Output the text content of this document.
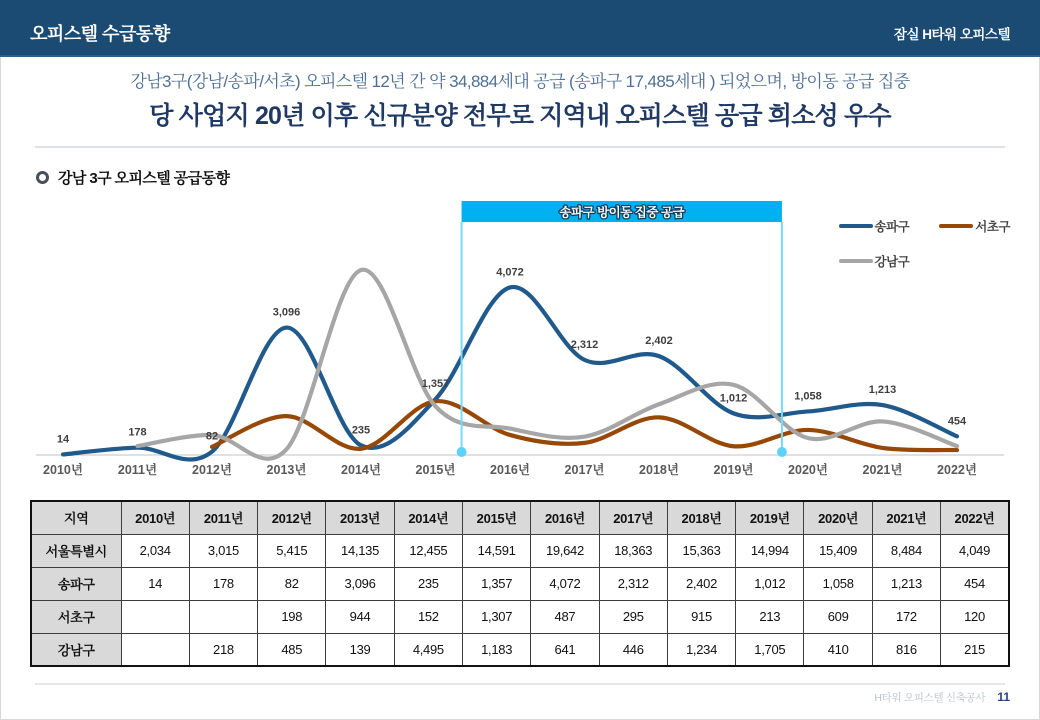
오피스텔 수급동향	잠실 H타워 오피스텔
강남3구(강남/송파/서초) 오피스텔 12년 간 약 34,884세대 공급 (송파구 17,485세대 ) 되었으며, 방이동 공급 집중
당 사업지 20년 이후 신규분양 전무로 지역내 오피스텔 공급 희소성 우수
강남 3구 오피스텔 공급동향
2010년	2011년	2012년	2013년	2014년	2015년	2016년	2017년	2018년	2019년	2020년	2021년	2022년
송파구 방이동 집중 공급
14
178	82
3,096
235
1,357
4,072
2,312	2,402
1,012	1,058
1,213
454
송파구	서초구
강남구
지역	2010년	2011년	2012년	2013년	2014년	2015년	2016년	2017년	2018년	2019년	2020년	2021년	2022년
서울특별시	2,034	3,015	5,415	14,135	12,455	14,591	19,642	18,363	15,363	14,994	15,409	8,484	4,049
송파구	14	178	82	3,096	235	1,357	4,072	2,312	2,402	1,012	1,058	1,213	454
서초구			198	944	152	1,307	487	295	915	213	609	172	120
강남구		218	485	139	4,495	1,183	641	446	1,234	1,705	410	816	215
H타워 오피스텔 신축공사 11
